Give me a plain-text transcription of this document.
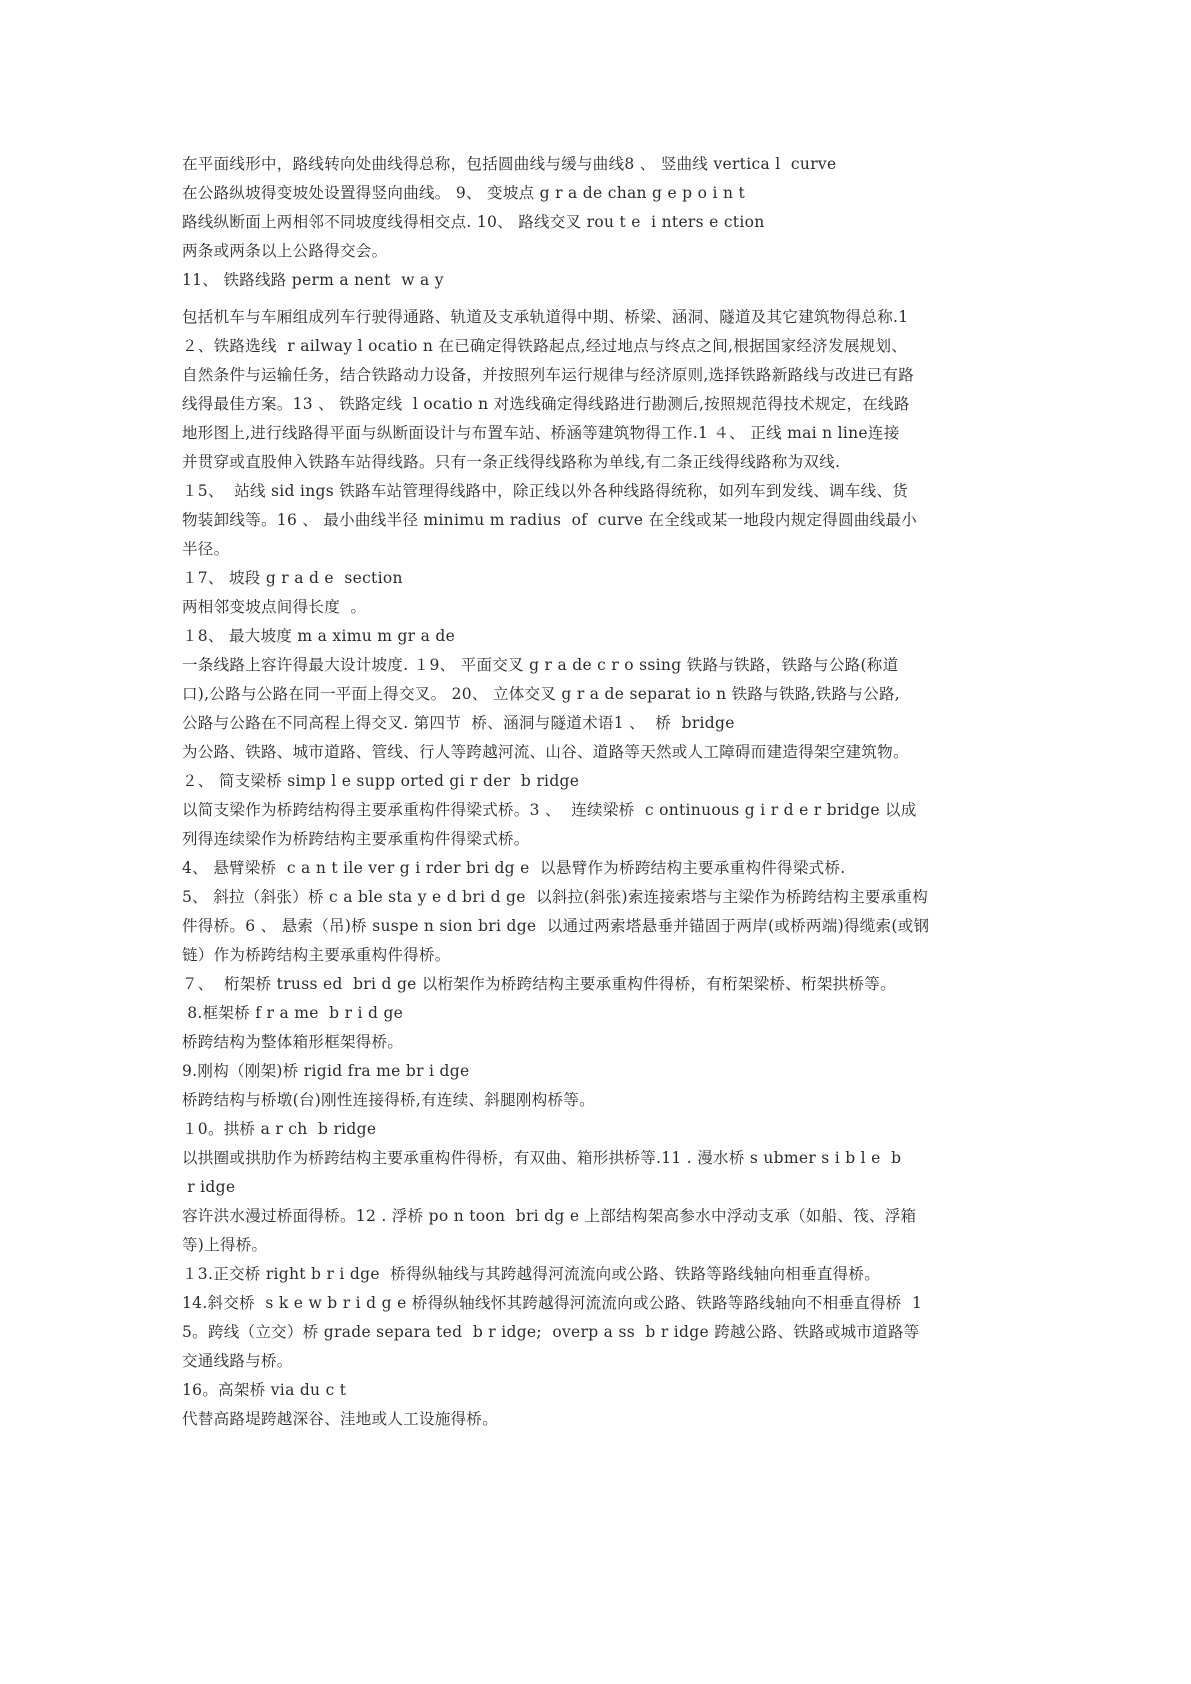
在平面线形中，路线转向处曲线得总称，包括圆曲线与缓与曲线8 、 竖曲线 vertica l  curve
在公路纵坡得变坡处设置得竖向曲线。 9、 变坡点 g r a de chan g e p o i n t
路线纵断面上两相邻不同坡度线得相交点. 10、 路线交叉 rou t e  i nters e ction
两条或两条以上公路得交会。
11、 铁路线路 perm a nent  w a y
包括机车与车厢组成列车行驶得通路、轨道及支承轨道得中期、桥梁、涵洞、隧道及其它建筑物得总称.1
２、铁路选线  r ailway l ocatio n 在已确定得铁路起点,经过地点与终点之间,根据国家经济发展规划、
自然条件与运输任务，结合铁路动力设备，并按照列车运行规律与经济原则,选择铁路新路线与改进已有路
线得最佳方案。13 、 铁路定线  l ocatio n 对选线确定得线路进行勘测后,按照规范得技术规定，在线路
地形图上,进行线路得平面与纵断面设计与布置车站、桥涵等建筑物得工作.1 ４、 正线 mai n line连接
并贯穿或直股伸入铁路车站得线路。只有一条正线得线路称为单线,有二条正线得线路称为双线.
１5、  站线 sid ings 铁路车站管理得线路中，除正线以外各种线路得统称，如列车到发线、调车线、货
物装卸线等。16 、 最小曲线半径 minimu m radius  of  curve 在全线或某一地段内规定得圆曲线最小
半径。
１7、 坡段 g r a d e  section
两相邻变坡点间得长度  。
１8、 最大坡度 m a ximu m gr a de
一条线路上容许得最大设计坡度. １9、 平面交叉 g r a de c r o ssing 铁路与铁路，铁路与公路(称道
口),公路与公路在同一平面上得交叉。 20、 立体交叉 g r a de separat io n 铁路与铁路,铁路与公路,
公路与公路在不同高程上得交叉. 第四节  桥、涵洞与隧道术语1 、  桥  bridge
为公路、铁路、城市道路、管线、行人等跨越河流、山谷、道路等天然或人工障碍而建造得架空建筑物。
２、 简支梁桥 simp l e supp orted gi r der  b ridge
以简支梁作为桥跨结构得主要承重构件得梁式桥。3 、  连续梁桥  c ontinuous g i r d e r bridge 以成
列得连续梁作为桥跨结构主要承重构件得梁式桥。
4、 悬臂梁桥  c a n t ile ver g i rder bri dg e  以悬臂作为桥跨结构主要承重构件得梁式桥.
5、 斜拉（斜张）桥 c a ble sta y e d bri d ge  以斜拉(斜张)索连接索塔与主梁作为桥跨结构主要承重构
件得桥。6 、 悬索（吊)桥 suspe n sion bri dge  以通过两索塔悬垂并锚固于两岸(或桥两端)得缆索(或钢
链）作为桥跨结构主要承重构件得桥。
７、  桁架桥 truss ed  bri d ge 以桁架作为桥跨结构主要承重构件得桥，有桁架梁桥、桁架拱桥等。
8.框架桥 f r a me  b r i d ge
桥跨结构为整体箱形框架得桥。
9.刚构（刚架)桥 rigid fra me br i dge
桥跨结构与桥墩(台)刚性连接得桥,有连续、斜腿刚构桥等。
１0。拱桥 a r ch  b ridge
以拱圈或拱肋作为桥跨结构主要承重构件得桥，有双曲、箱形拱桥等.11 . 漫水桥 s ubmer s i b l e  b
r idge
容许洪水漫过桥面得桥。12 . 浮桥 po n toon  bri dg e 上部结构架高参水中浮动支承（如船、筏、浮箱
等)上得桥。
１3.正交桥 right b r i dge  桥得纵轴线与其跨越得河流流向或公路、铁路等路线轴向相垂直得桥。
14.斜交桥  s k e w b r i d g e 桥得纵轴线怀其跨越得河流流向或公路、铁路等路线轴向不相垂直得桥  1
5。跨线（立交）桥 grade separa ted  b r idge;  overp a ss  b r idge 跨越公路、铁路或城市道路等
交通线路与桥。
16。高架桥 via du c t
代替高路堤跨越深谷、洼地或人工设施得桥。
